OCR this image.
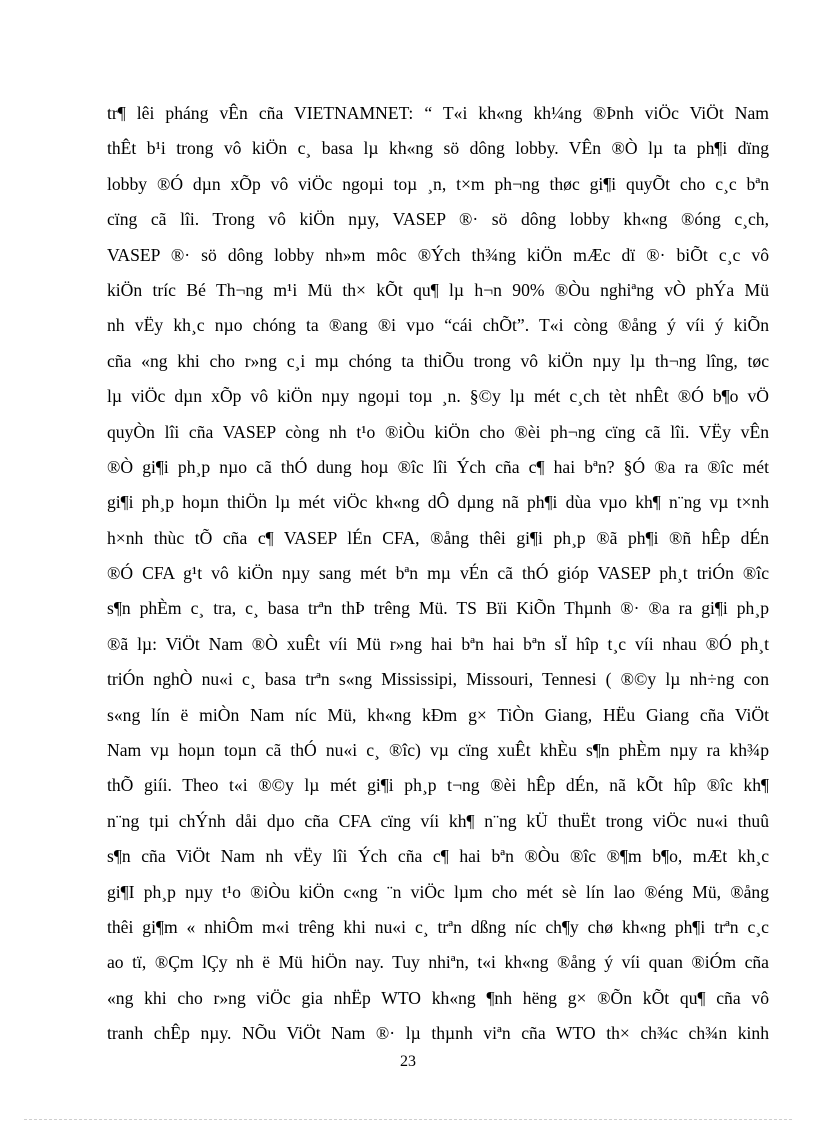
tr¶ lêi pháng vÊn cña VIETNAMNET: “ T«i kh«ng kh¼ng ®Þnh viÖc ViÖt Nam
thÊt b¹i trong vô kiÖn c¸ basa lµ kh«ng sö dông lobby. VÊn ®Ò lµ ta ph¶i dïng
lobby ®Ó dµn xÕp vô viÖc ngoµi toµ ¸n, t×m ph¬ng thøc gi¶i quyÕt cho c¸c bªn
cïng cã lîi. Trong vô kiÖn nµy, VASEP ®· sö dông lobby kh«ng ®óng c¸ch,
VASEP ®· sö dông lobby nh»m môc ®Ých th¾ng kiÖn mÆc dï ®· biÕt c¸c vô
kiÖn tríc Bé Th¬ng m¹i Mü th× kÕt qu¶ lµ h¬n 90% ®Òu nghiªng vÒ phÝa Mü
nh vËy kh¸c nµo chóng ta ®ang ®i vµo “cái chÕt”. T«i còng ®ång ý víi ý kiÕn
cña «ng khi cho r»ng c¸i mµ chóng ta thiÕu trong vô kiÖn nµy lµ th¬ng lîng, tøc
lµ viÖc dµn xÕp vô kiÖn nµy ngoµi toµ ¸n. §©y lµ mét c¸ch tèt nhÊt ®Ó b¶o vÖ
quyÒn lîi cña VASEP còng nh t¹o ®iÒu kiÖn cho ®èi ph¬ng cïng cã lîi. VËy vÊn
®Ò gi¶i ph¸p nµo cã thÓ dung hoµ ®îc lîi Ých cña c¶ hai bªn? §Ó ®a ra ®îc mét
gi¶i ph¸p hoµn thiÖn lµ mét viÖc kh«ng dÔ dµng nã ph¶i dùa vµo kh¶ n¨ng vµ t×nh
h×nh thùc tÕ cña c¶ VASEP lÉn CFA, ®ång thêi gi¶i ph¸p ®ã ph¶i ®ñ hÊp dÉn
®Ó CFA g¹t vô kiÖn nµy sang mét bªn mµ vÉn cã thÓ gióp VASEP ph¸t triÓn ®îc
s¶n phÈm c¸ tra, c¸ basa trªn thÞ trêng Mü. TS Bïi KiÕn Thµnh ®· ®a ra gi¶i ph¸p
®ã lµ: ViÖt Nam ®Ò xuÊt víi Mü r»ng hai bªn hai bªn sÏ hîp t¸c víi nhau ®Ó ph¸t
triÓn nghÒ nu«i c¸ basa trªn s«ng Mississipi, Missouri, Tennesi ( ®©y lµ nh÷ng con
s«ng lín ë miÒn Nam níc Mü, kh«ng kÐm g× TiÒn Giang, HËu Giang cña ViÖt
Nam vµ hoµn toµn cã thÓ nu«i c¸ ®îc) vµ cïng xuÊt khÈu s¶n phÈm nµy ra kh¾p
thÕ giíi. Theo t«i ®©y lµ mét gi¶i ph¸p t¬ng ®èi hÊp dÉn, nã kÕt hîp ®îc kh¶
n¨ng tµi chÝnh dåi dµo cña CFA cïng víi kh¶ n¨ng kÜ thuËt trong viÖc nu«i thuû
s¶n cña ViÖt Nam nh vËy lîi Ých cña c¶ hai bªn ®Òu ®îc ®¶m b¶o, mÆt kh¸c
gi¶I ph¸p nµy t¹o ®iÒu kiÖn c«ng ¨n viÖc lµm cho mét sè lín lao ®éng Mü, ®ång
thêi gi¶m « nhiÔm m«i trêng khi nu«i c¸ trªn dßng níc ch¶y chø kh«ng ph¶i trªn c¸c
ao tï, ®Çm lÇy nh ë Mü hiÖn nay. Tuy nhiªn, t«i kh«ng ®ång ý víi quan ®iÓm cña
«ng khi cho r»ng viÖc gia nhËp WTO kh«ng ¶nh hëng g× ®Õn kÕt qu¶ cña vô
tranh chÊp nµy. NÕu ViÖt Nam ®· lµ thµnh viªn cña WTO th× ch¾c ch¾n kinh
23
